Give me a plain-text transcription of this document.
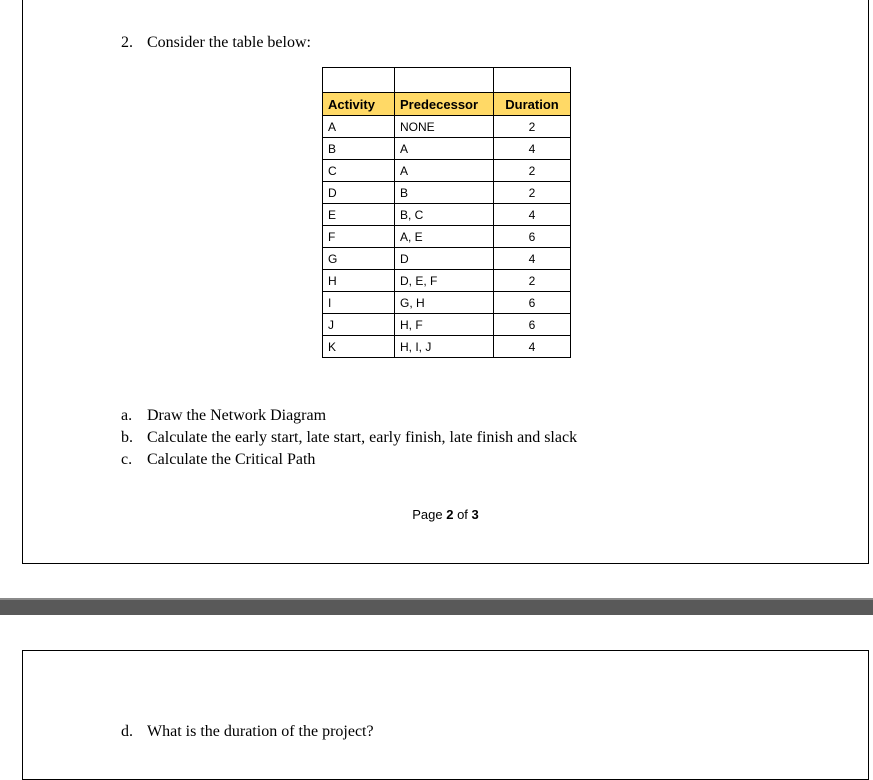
2. Consider the table below:

Activity	Predecessor	Duration
A	NONE	2
B	A	4
C	A	2
D	B	2
E	B, C	4
F	A, E	6
G	D	4
H	D, E, F	2
I	G, H	6
J	H, F	6
K	H, I, J	4
a. Draw the Network Diagram
b. Calculate the early start, late start, early finish, late finish and slack
c. Calculate the Critical Path
Page 2 of 3
d. What is the duration of the project?
